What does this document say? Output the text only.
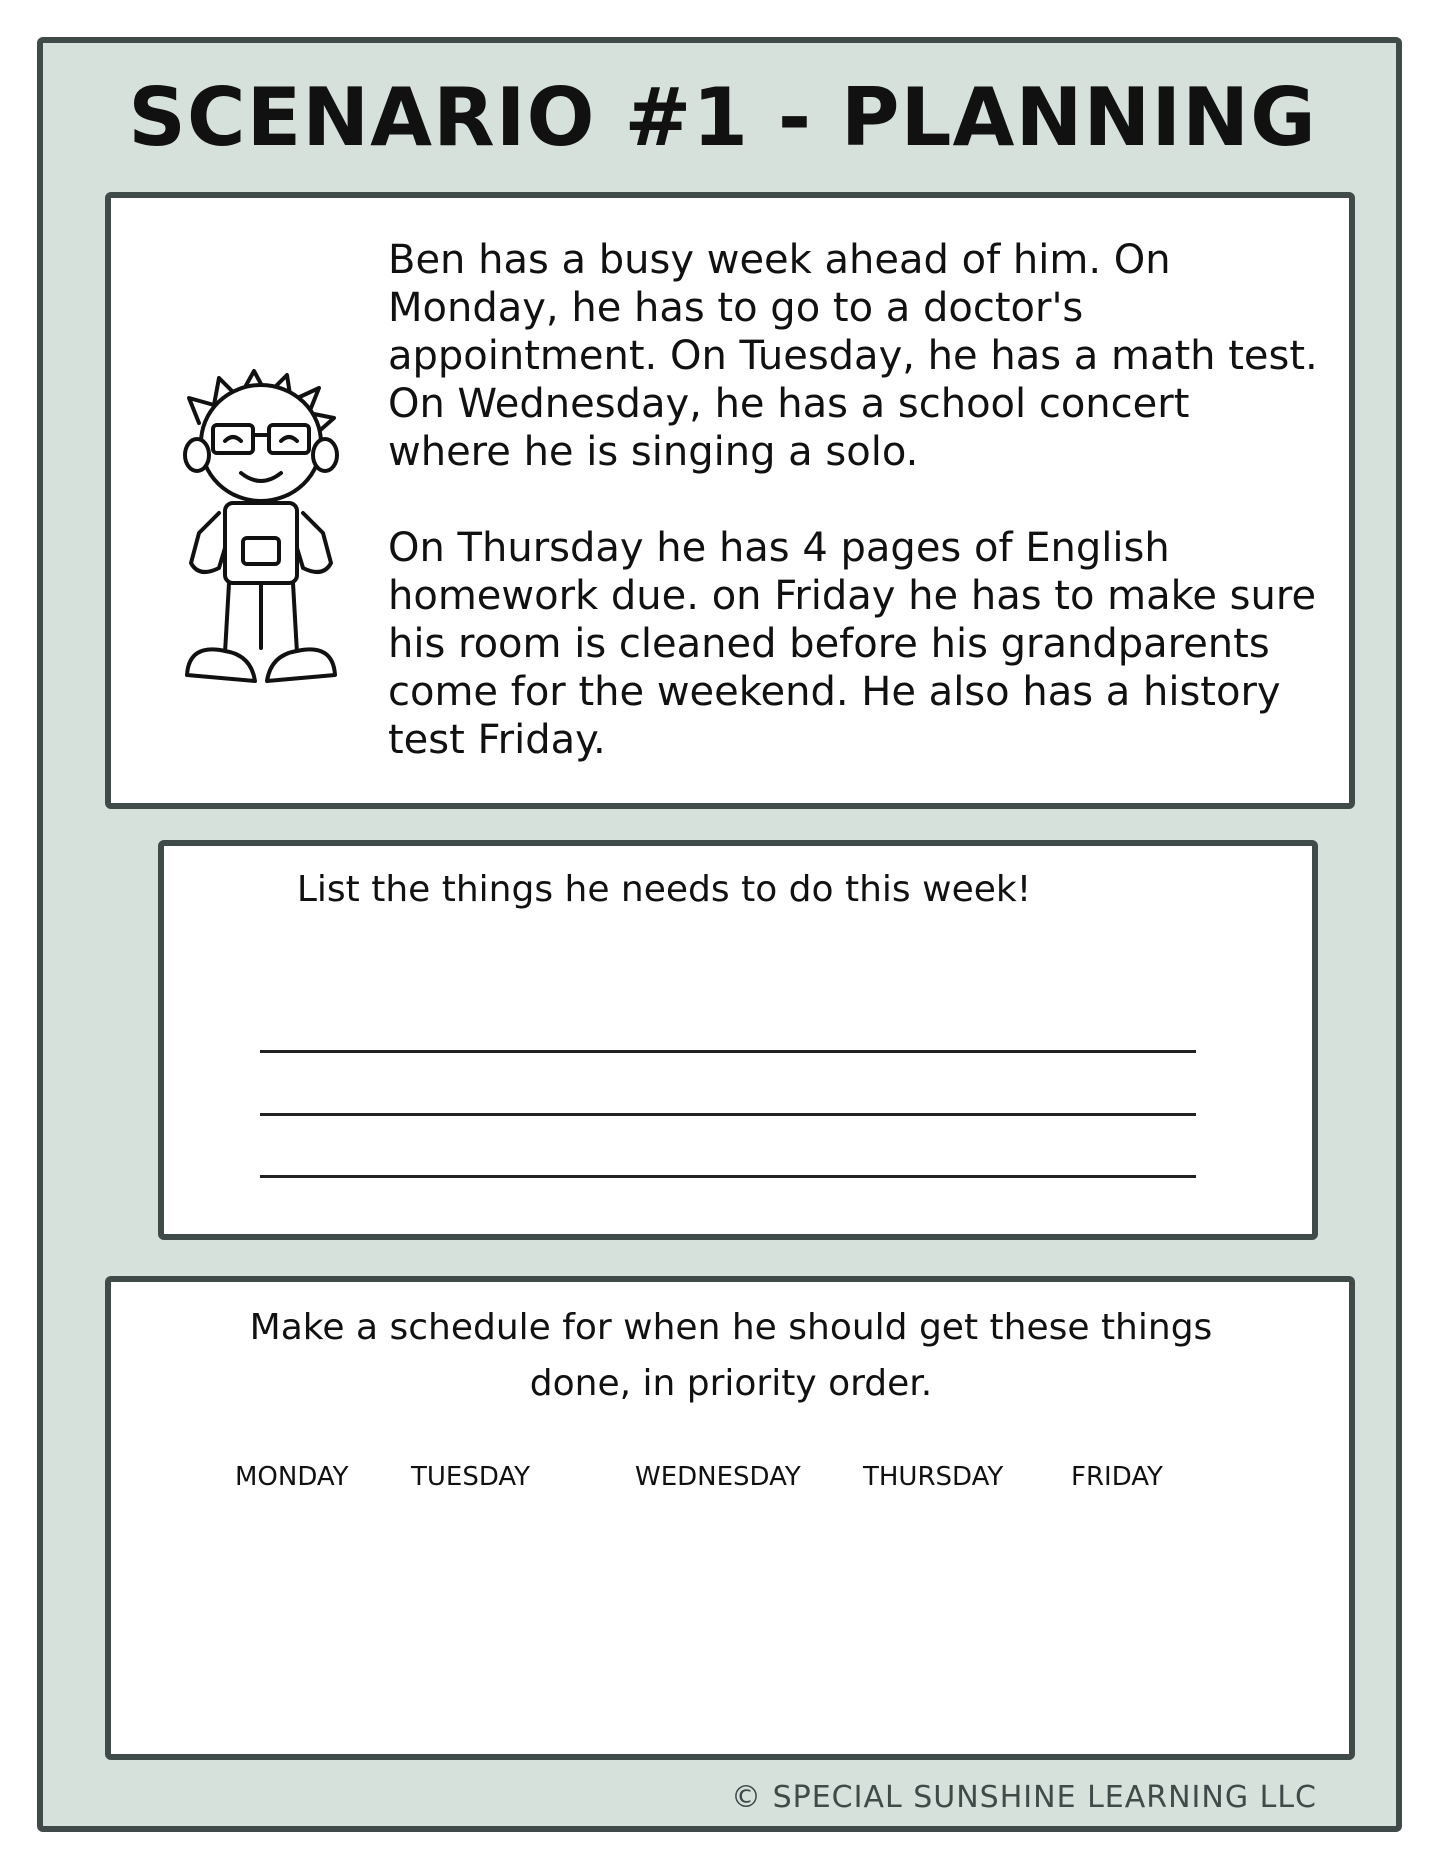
SCENARIO #1 - PLANNING

Ben has a busy week ahead of him. On Monday, he has to go to a doctor's appointment. On Tuesday, he has a math test. On Wednesday, he has a school concert where he is singing a solo.

On Thursday he has 4 pages of English homework due. on Friday he has to make sure his room is cleaned before his grandparents come for the weekend. He also has a history test Friday.

List the things he needs to do this week!
Make a schedule for when he should get these things done, in priority order.
MONDAY TUESDAY	WEDNESDAY THURSDAY	FRIDAY
© SPECIAL SUNSHINE LEARNING LLC
